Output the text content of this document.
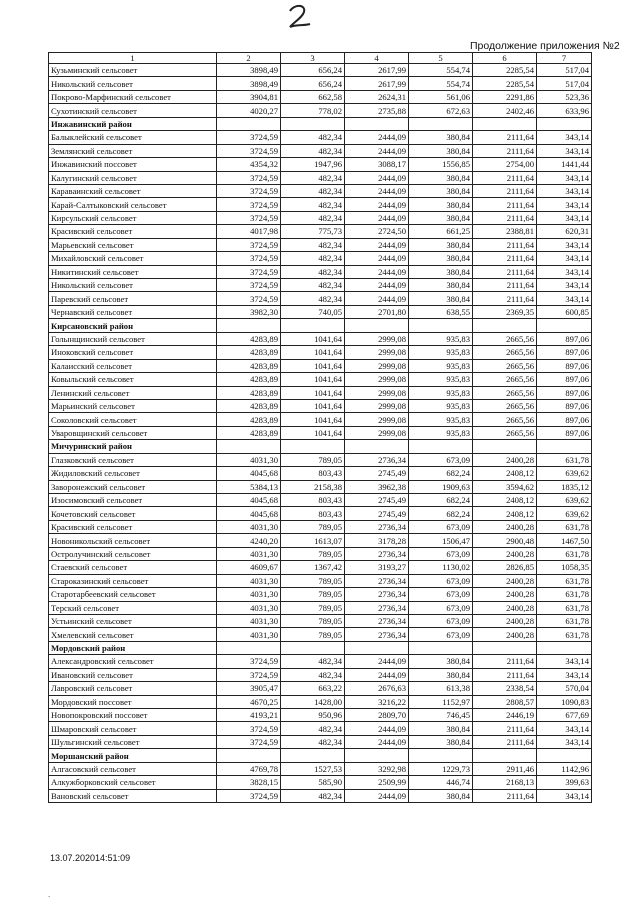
Продолжение приложения №2
1	2	3	4	5	6	7
Кузьминский сельсовет	3898,49	656,24	2617,99	554,74	2285,54	517,04
Никольский сельсовет	3898,49	656,24	2617,99	554,74	2285,54	517,04
Покрово-Марфинский сельсовет	3904,81	662,58	2624,31	561,06	2291,86	523,36
Сухотинский сельсовет	4020,27	778,02	2735,88	672,63	2402,46	633,96
Инжавинский район						
Балыклейский сельсовет	3724,59	482,34	2444,09	380,84	2111,64	343,14
Землянский сельсовет	3724,59	482,34	2444,09	380,84	2111,64	343,14
Инжавинский поссовет	4354,32	1947,96	3088,17	1556,85	2754,00	1441,44
Калугинский сельсовет	3724,59	482,34	2444,09	380,84	2111,64	343,14
Караваинский сельсовет	3724,59	482,34	2444,09	380,84	2111,64	343,14
Карай-Салтыковский сельсовет	3724,59	482,34	2444,09	380,84	2111,64	343,14
Кирсульский сельсовет	3724,59	482,34	2444,09	380,84	2111,64	343,14
Красивский сельсовет	4017,98	775,73	2724,50	661,25	2388,81	620,31
Марьевский сельсовет	3724,59	482,34	2444,09	380,84	2111,64	343,14
Михайловский сельсовет	3724,59	482,34	2444,09	380,84	2111,64	343,14
Никитинский сельсовет	3724,59	482,34	2444,09	380,84	2111,64	343,14
Никольский сельсовет	3724,59	482,34	2444,09	380,84	2111,64	343,14
Паревский сельсовет	3724,59	482,34	2444,09	380,84	2111,64	343,14
Чернавский сельсовет	3982,30	740,05	2701,80	638,55	2369,35	600,85
Кирсановский район						
Голынщинский сельсовет	4283,89	1041,64	2999,08	935,83	2665,56	897,06
Иноковский сельсовет	4283,89	1041,64	2999,08	935,83	2665,56	897,06
Калаисский сельсовет	4283,89	1041,64	2999,08	935,83	2665,56	897,06
Ковыльский сельсовет	4283,89	1041,64	2999,08	935,83	2665,56	897,06
Ленинский сельсовет	4283,89	1041,64	2999,08	935,83	2665,56	897,06
Марьинский сельсовет	4283,89	1041,64	2999,08	935,83	2665,56	897,06
Соколовский сельсовет	4283,89	1041,64	2999,08	935,83	2665,56	897,06
Уваровщинский сельсовет	4283,89	1041,64	2999,08	935,83	2665,56	897,06
Мичуринский район						
Глазковский сельсовет	4031,30	789,05	2736,34	673,09	2400,28	631,78
Жидиловский сельсовет	4045,68	803,43	2745,49	682,24	2408,12	639,62
Заворонежский сельсовет	5384,13	2158,38	3962,38	1909,63	3594,62	1835,12
Изосимовский сельсовет	4045,68	803,43	2745,49	682,24	2408,12	639,62
Кочетовский сельсовет	4045,68	803,43	2745,49	682,24	2408,12	639,62
Красивский сельсовет	4031,30	789,05	2736,34	673,09	2400,28	631,78
Новоникольский сельсовет	4240,20	1613,07	3178,28	1506,47	2900,48	1467,50
Остролучинский сельсовет	4031,30	789,05	2736,34	673,09	2400,28	631,78
Стаевский сельсовет	4609,67	1367,42	3193,27	1130,02	2826,85	1058,35
Староказинский сельсовет	4031,30	789,05	2736,34	673,09	2400,28	631,78
Старотарбеевский сельсовет	4031,30	789,05	2736,34	673,09	2400,28	631,78
Терский сельсовет	4031,30	789,05	2736,34	673,09	2400,28	631,78
Устьинский сельсовет	4031,30	789,05	2736,34	673,09	2400,28	631,78
Хмелевский сельсовет	4031,30	789,05	2736,34	673,09	2400,28	631,78
Мордовский район						
Александровский сельсовет	3724,59	482,34	2444,09	380,84	2111,64	343,14
Ивановский сельсовет	3724,59	482,34	2444,09	380,84	2111,64	343,14
Лавровский сельсовет	3905,47	663,22	2676,63	613,38	2338,54	570,04
Мордовский поссовет	4670,25	1428,00	3216,22	1152,97	2808,57	1090,83
Новопокровский поссовет	4193,21	950,96	2809,70	746,45	2446,19	677,69
Шмаровский сельсовет	3724,59	482,34	2444,09	380,84	2111,64	343,14
Шульгинский сельсовет	3724,59	482,34	2444,09	380,84	2111,64	343,14
Моршанский район						
Алгасовский сельсовет	4769,78	1527,53	3292,98	1229,73	2911,46	1142,96
Алкужборковский сельсовет	3828,15	585,90	2509,99	446,74	2168,13	399,63
Вановский сельсовет	3724,59	482,34	2444,09	380,84	2111,64	343,14
13.07.202014:51:09
`
